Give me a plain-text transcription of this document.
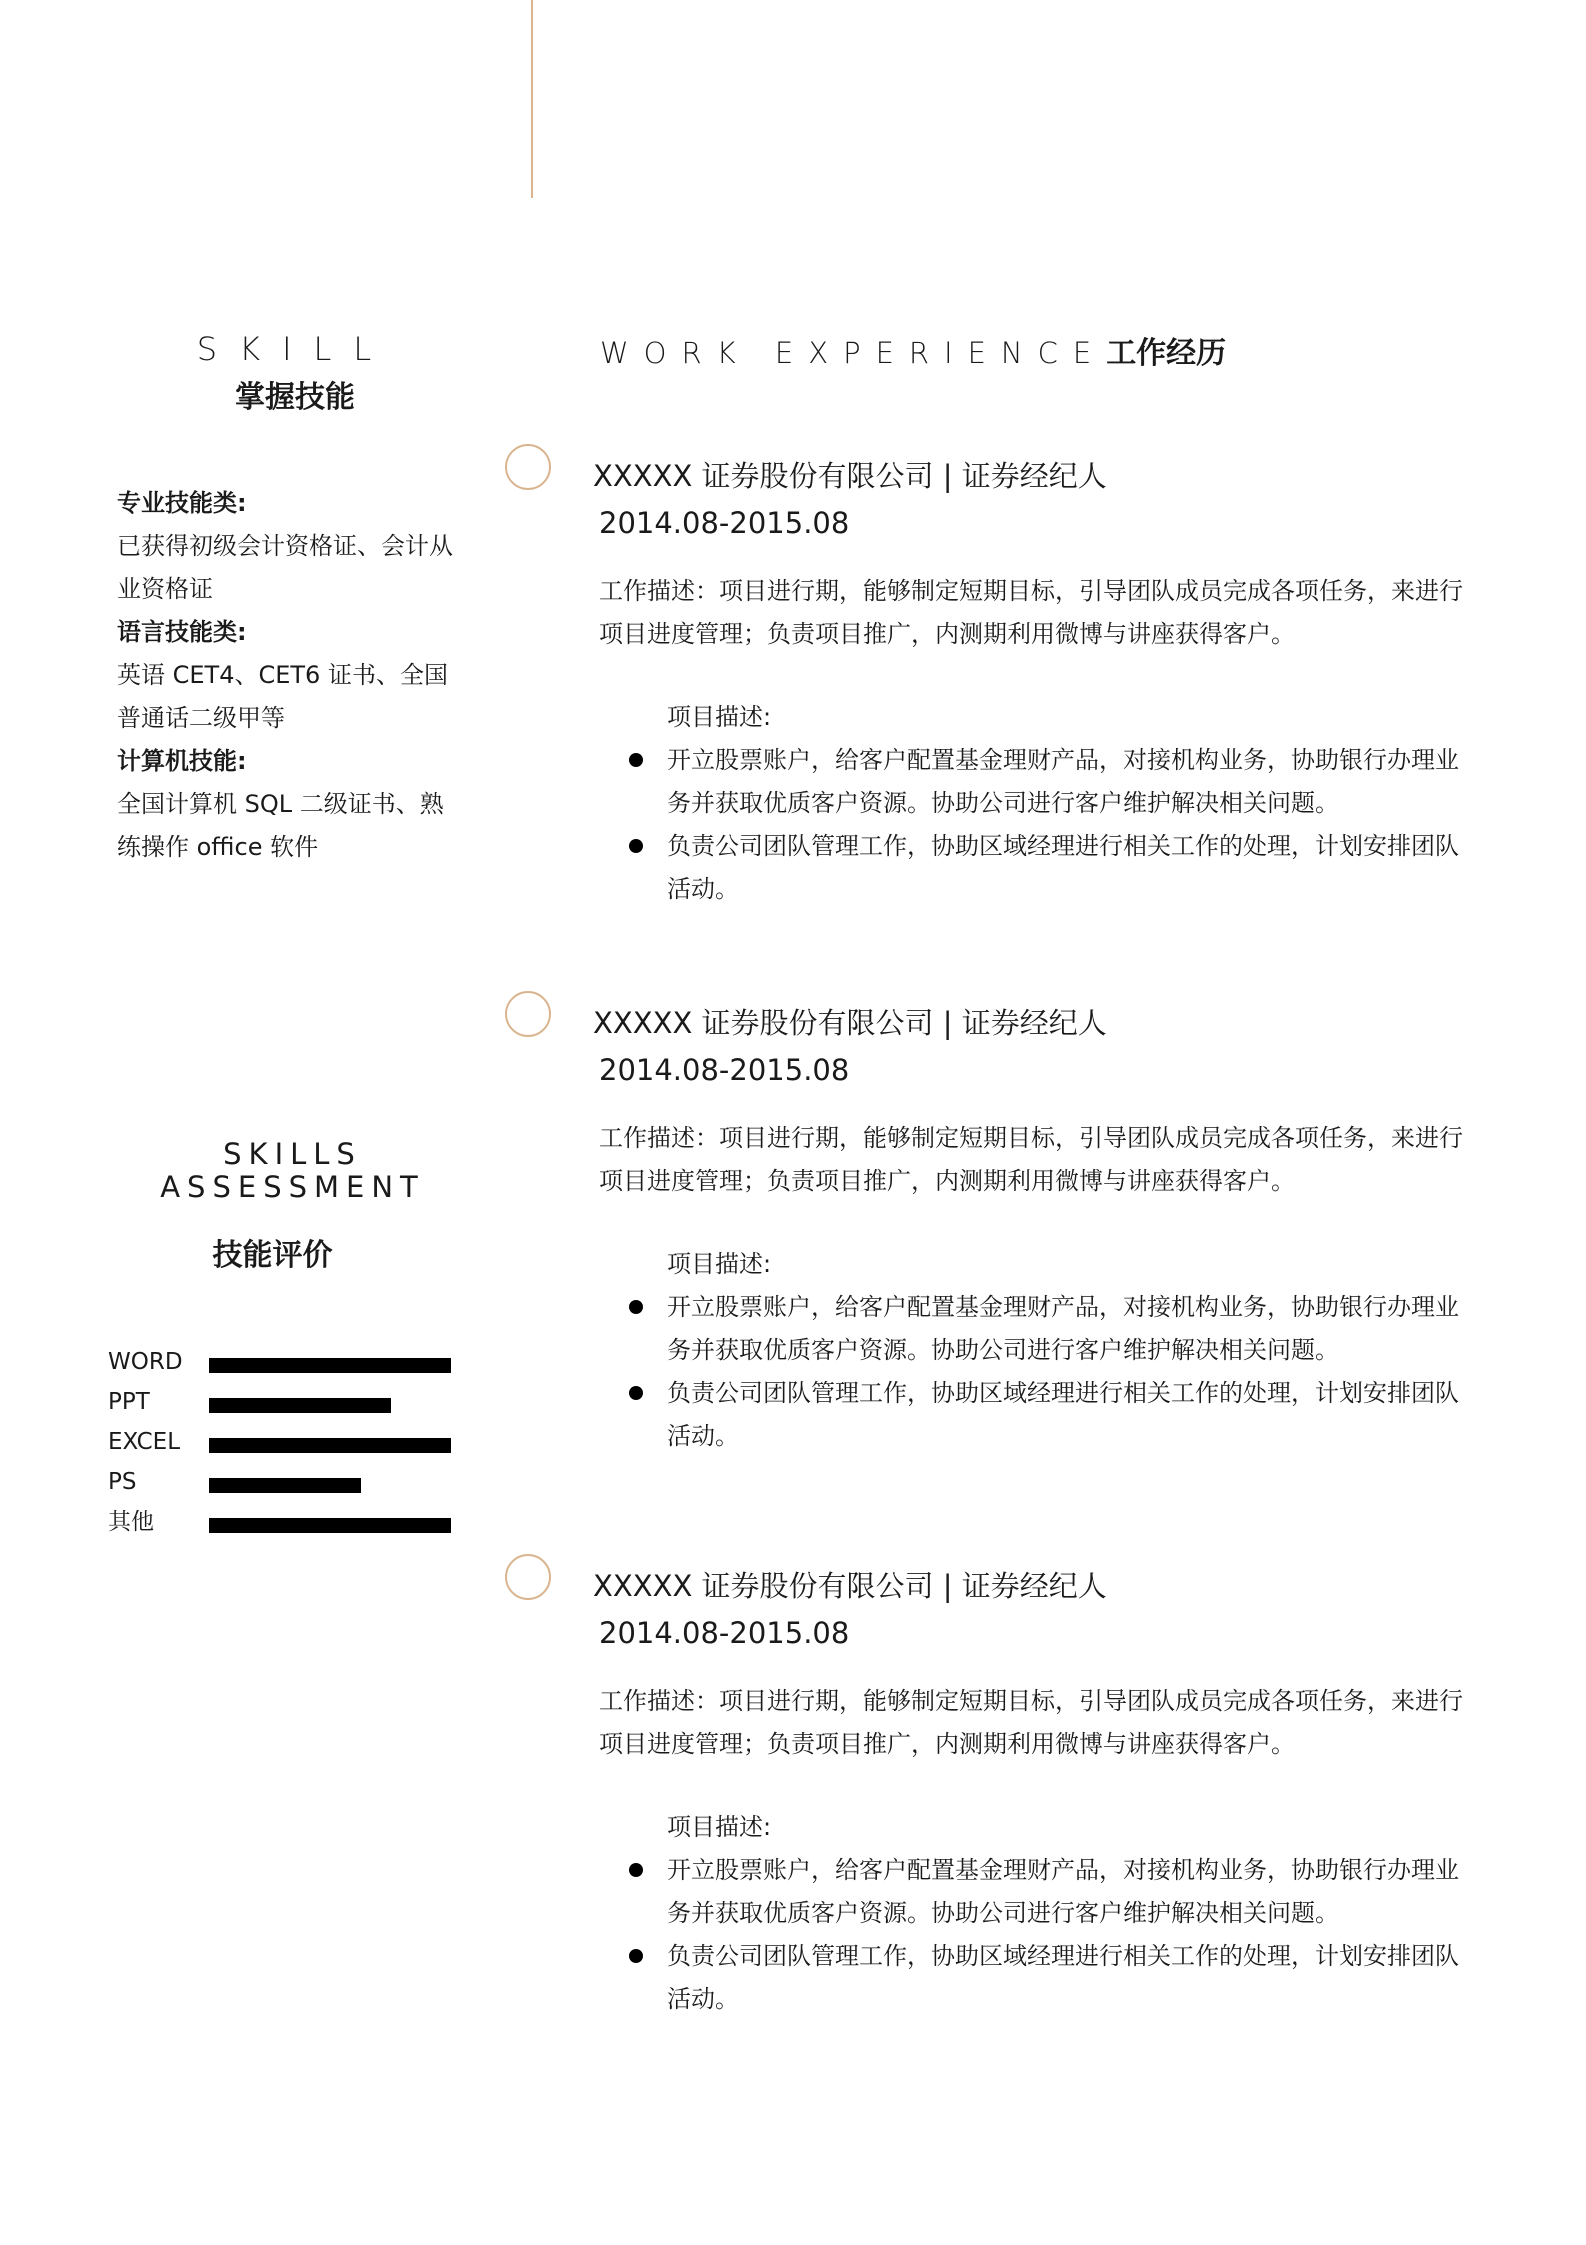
SKILL
掌握技能
专业技能类:
已获得初级会计资格证、会计从业资格证
语言技能类:
英语 CET4、CET6 证书、全国普通话二级甲等
计算机技能:
全国计算机 SQL 二级证书、熟练操作 office 软件
SKILLS
ASSESSMENT
技能评价
WORD
PPT
EXCEL
PS
其他
WORK EXPERIENCE工作经历
XXXXX 证券股份有限公司 | 证券经纪人
2014.08-2015.08
工作描述：项目进行期，能够制定短期目标，引导团队成员完成各项任务，来进行项目进度管理；负责项目推广，内测期利用微博与讲座获得客户。
项目描述:
开立股票账户，给客户配置基金理财产品，对接机构业务，协助银行办理业务并获取优质客户资源。协助公司进行客户维护解决相关问题。
负责公司团队管理工作，协助区域经理进行相关工作的处理，计划安排团队活动。
XXXXX 证券股份有限公司 | 证券经纪人
2014.08-2015.08
工作描述：项目进行期，能够制定短期目标，引导团队成员完成各项任务，来进行项目进度管理；负责项目推广，内测期利用微博与讲座获得客户。
项目描述:
开立股票账户，给客户配置基金理财产品，对接机构业务，协助银行办理业务并获取优质客户资源。协助公司进行客户维护解决相关问题。
负责公司团队管理工作，协助区域经理进行相关工作的处理，计划安排团队活动。
XXXXX 证券股份有限公司 | 证券经纪人
2014.08-2015.08
工作描述：项目进行期，能够制定短期目标，引导团队成员完成各项任务，来进行项目进度管理；负责项目推广，内测期利用微博与讲座获得客户。
项目描述:
开立股票账户，给客户配置基金理财产品，对接机构业务，协助银行办理业务并获取优质客户资源。协助公司进行客户维护解决相关问题。
负责公司团队管理工作，协助区域经理进行相关工作的处理，计划安排团队活动。
